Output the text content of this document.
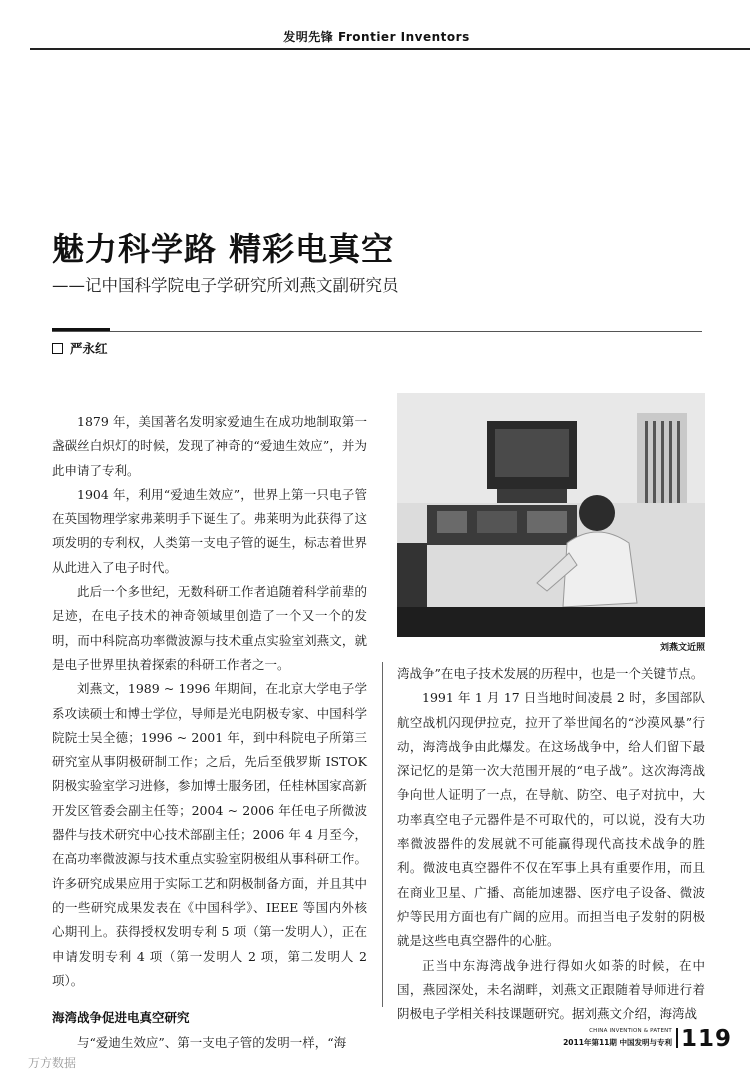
发明先锋 Frontier Inventors
魅力科学路 精彩电真空
——记中国科学院电子学研究所刘燕文副研究员
严永红

1879 年，美国著名发明家爱迪生在成功地制取第一盏碳丝白炽灯的时候，发现了神奇的“爱迪生效应”，并为此申请了专利。

1904 年，利用“爱迪生效应”，世界上第一只电子管在英国物理学家弗莱明手下诞生了。弗莱明为此获得了这项发明的专利权，人类第一支电子管的诞生，标志着世界从此进入了电子时代。

此后一个多世纪，无数科研工作者追随着科学前辈的足迹，在电子技术的神奇领域里创造了一个又一个的发明，而中科院高功率微波源与技术重点实验室刘燕文，就是电子世界里执着探索的科研工作者之一。

刘燕文，1989 ~ 1996 年期间，在北京大学电子学系攻读硕士和博士学位，导师是光电阴极专家、中国科学院院士吴全德；1996 ~ 2001 年，到中科院电子所第三研究室从事阴极研制工作；之后，先后至俄罗斯 ISTOK 阴极实验室学习进修，参加博士服务团，任桂林国家高新开发区管委会副主任等；2004 ~ 2006 年任电子所微波器件与技术研究中心技术部副主任；2006 年 4 月至今，在高功率微波源与技术重点实验室阴极组从事科研工作。许多研究成果应用于实际工艺和阴极制备方面，并且其中的一些研究成果发表在《中国科学》、IEEE 等国内外核心期刊上。获得授权发明专利 5 项（第一发明人），正在申请发明专利 4 项（第一发明人 2 项，第二发明人 2 项）。

海湾战争促进电真空研究

与“爱迪生效应”、第一支电子管的发明一样，“海

刘燕文近照

湾战争”在电子技术发展的历程中，也是一个关键节点。

1991 年 1 月 17 日当地时间凌晨 2 时，多国部队航空战机闪现伊拉克，拉开了举世闻名的“沙漠风暴”行动，海湾战争由此爆发。在这场战争中，给人们留下最深记忆的是第一次大范围开展的“电子战”。这次海湾战争向世人证明了一点，在导航、防空、电子对抗中，大功率真空电子元器件是不可取代的，可以说，没有大功率微波器件的发展就不可能赢得现代高技术战争的胜利。微波电真空器件不仅在军事上具有重要作用，而且在商业卫星、广播、高能加速器、医疗电子设备、微波炉等民用方面也有广阔的应用。而担当电子发射的阴极就是这些电真空器件的心脏。

正当中东海湾战争进行得如火如荼的时候，在中国，燕园深处，未名湖畔，刘燕文正跟随着导师进行着阴极电子学相关科技课题研究。据刘燕文介绍，海湾战

CHINA INVENTION & PATENT
2011年第11期 中国发明与专利 119
万方数据
